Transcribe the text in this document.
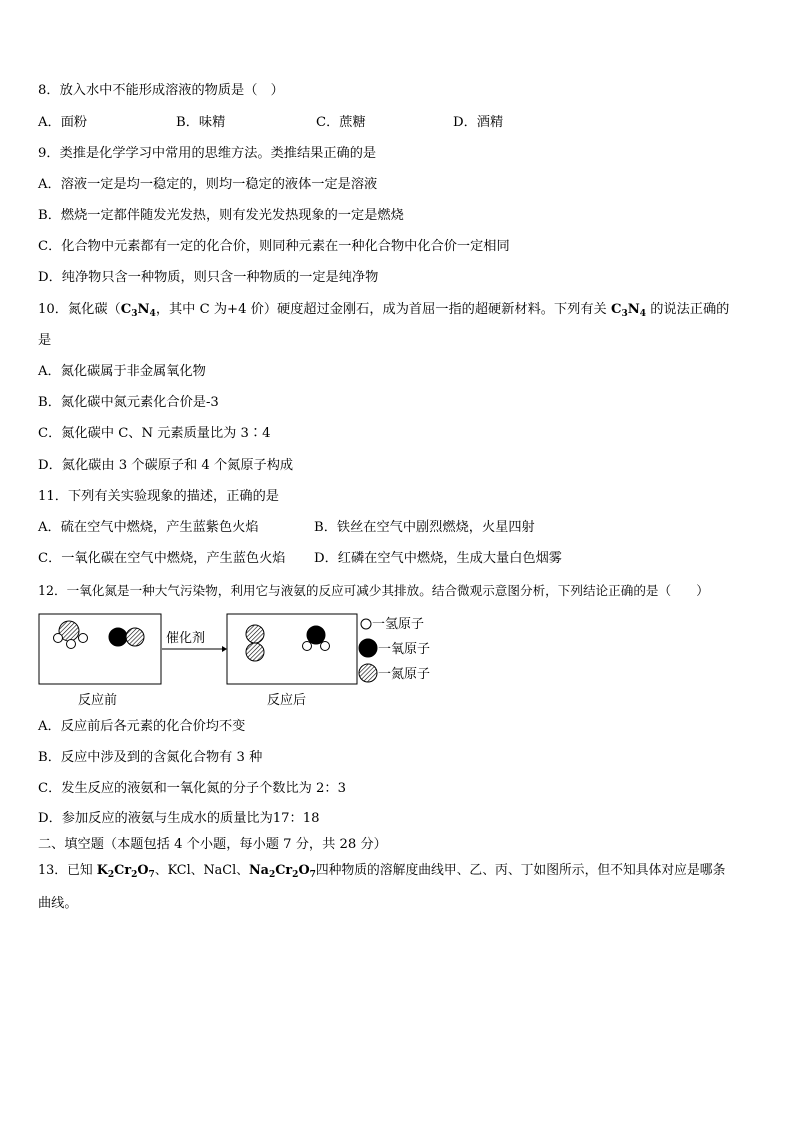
8．放入水中不能形成溶液的物质是（　）
A．面粉	B．味精	C．蔗糖	D．酒精
9．类推是化学学习中常用的思维方法。类推结果正确的是
A．溶液一定是均一稳定的，则均一稳定的液体一定是溶液
B．燃烧一定都伴随发光发热，则有发光发热现象的一定是燃烧
C．化合物中元素都有一定的化合价，则同种元素在一种化合物中化合价一定相同
D．纯净物只含一种物质，则只含一种物质的一定是纯净物
10．氮化碳（$C_3N_4$，其中 C 为+4 价）硬度超过金刚石，成为首屈一指的超硬新材料。下列有关 $C_3N_4$ 的说法正确的
是
A．氮化碳属于非金属氧化物
B．氮化碳中氮元素化合价是-3
C．氮化碳中 C、N 元素质量比为 3∶4
D．氮化碳由 3 个碳原子和 4 个氮原子构成
11．下列有关实验现象的描述，正确的是
A．硫在空气中燃烧，产生蓝紫色火焰	B．铁丝在空气中剧烈燃烧，火星四射
C．一氧化碳在空气中燃烧，产生蓝色火焰 D．红磷在空气中燃烧，生成大量白色烟雾
12．一氧化氮是一种大气污染物，利用它与液氨的反应可减少其排放。结合微观示意图分析，下列结论正确的是（　　）
催化剂
反应前	反应后
一氢原子
一氧原子
一氮原子
A．反应前后各元素的化合价均不变
B．反应中涉及到的含氮化合物有 3 种
C．发生反应的液氨和一氧化氮的分子个数比为 2：3
D．参加反应的液氨与生成水的质量比为17：18
二、填空题（本题包括 4 个小题，每小题 7 分，共 28 分）
13．已知 $K_2Cr_2O_7$、KCl、NaCl、$Na_2Cr_2O_7$四种物质的溶解度曲线甲、乙、丙、丁如图所示，但不知具体对应是哪条
曲线。
